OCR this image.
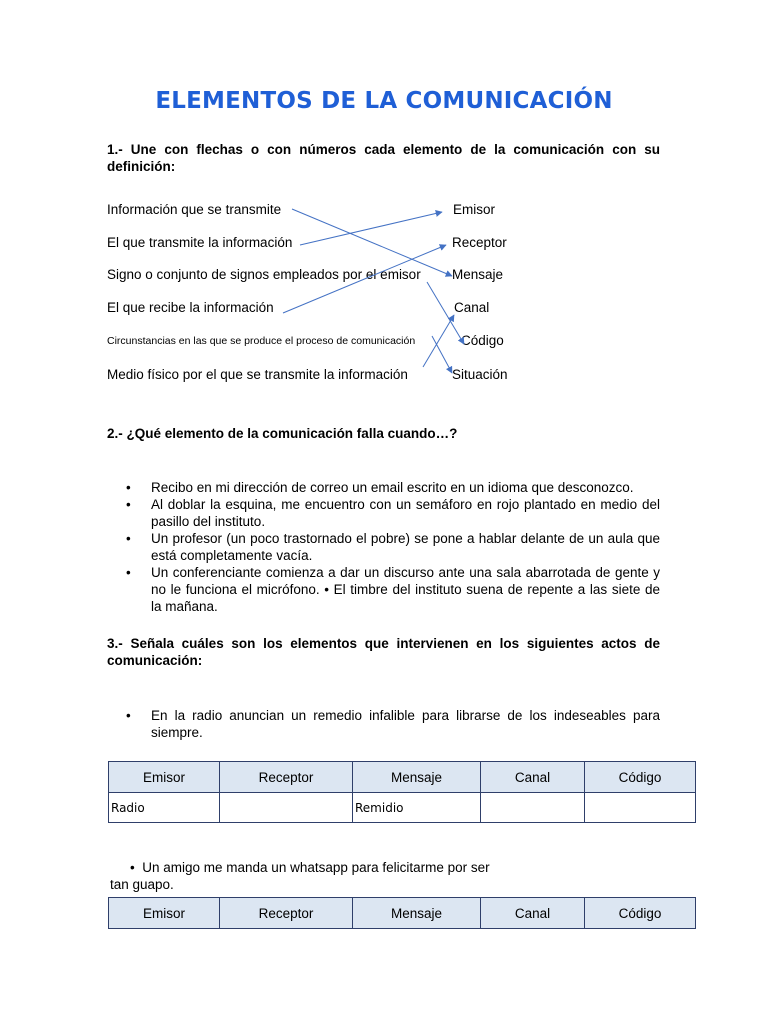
ELEMENTOS DE LA COMUNICACIÓN
1.- Une con flechas o con números cada elemento de la comunicación con su definición:
Información que se transmite
El que transmite la información
Signo o conjunto de signos empleados por el emisor
El que recibe la información
Circunstancias en las que se produce el proceso de comunicación
Medio físico por el que se transmite la información
Emisor
Receptor
Mensaje
Canal
Código
Situación
2.- ¿Qué elemento de la comunicación falla cuando…?
• Recibo en mi dirección de correo un email escrito en un idioma que desconozco.
• Al doblar la esquina, me encuentro con un semáforo en rojo plantado en medio del pasillo del instituto.
• Un profesor (un poco trastornado el pobre) se pone a hablar delante de un aula que está completamente vacía.
• Un conferenciante comienza a dar un discurso ante una sala abarrotada de gente y no le funciona el micrófono. • El timbre del instituto suena de repente a las siete de la mañana.
3.- Señala cuáles son los elementos que intervienen en los siguientes actos de comunicación:
• En la radio anuncian un remedio infalible para librarse de los indeseables para siempre.
Emisor	Receptor	Mensaje	Canal	Código
Radio		Remidio		
• Un amigo me manda un whatsapp para felicitarme por ser
tan guapo.
Emisor	Receptor	Mensaje	Canal	Código
